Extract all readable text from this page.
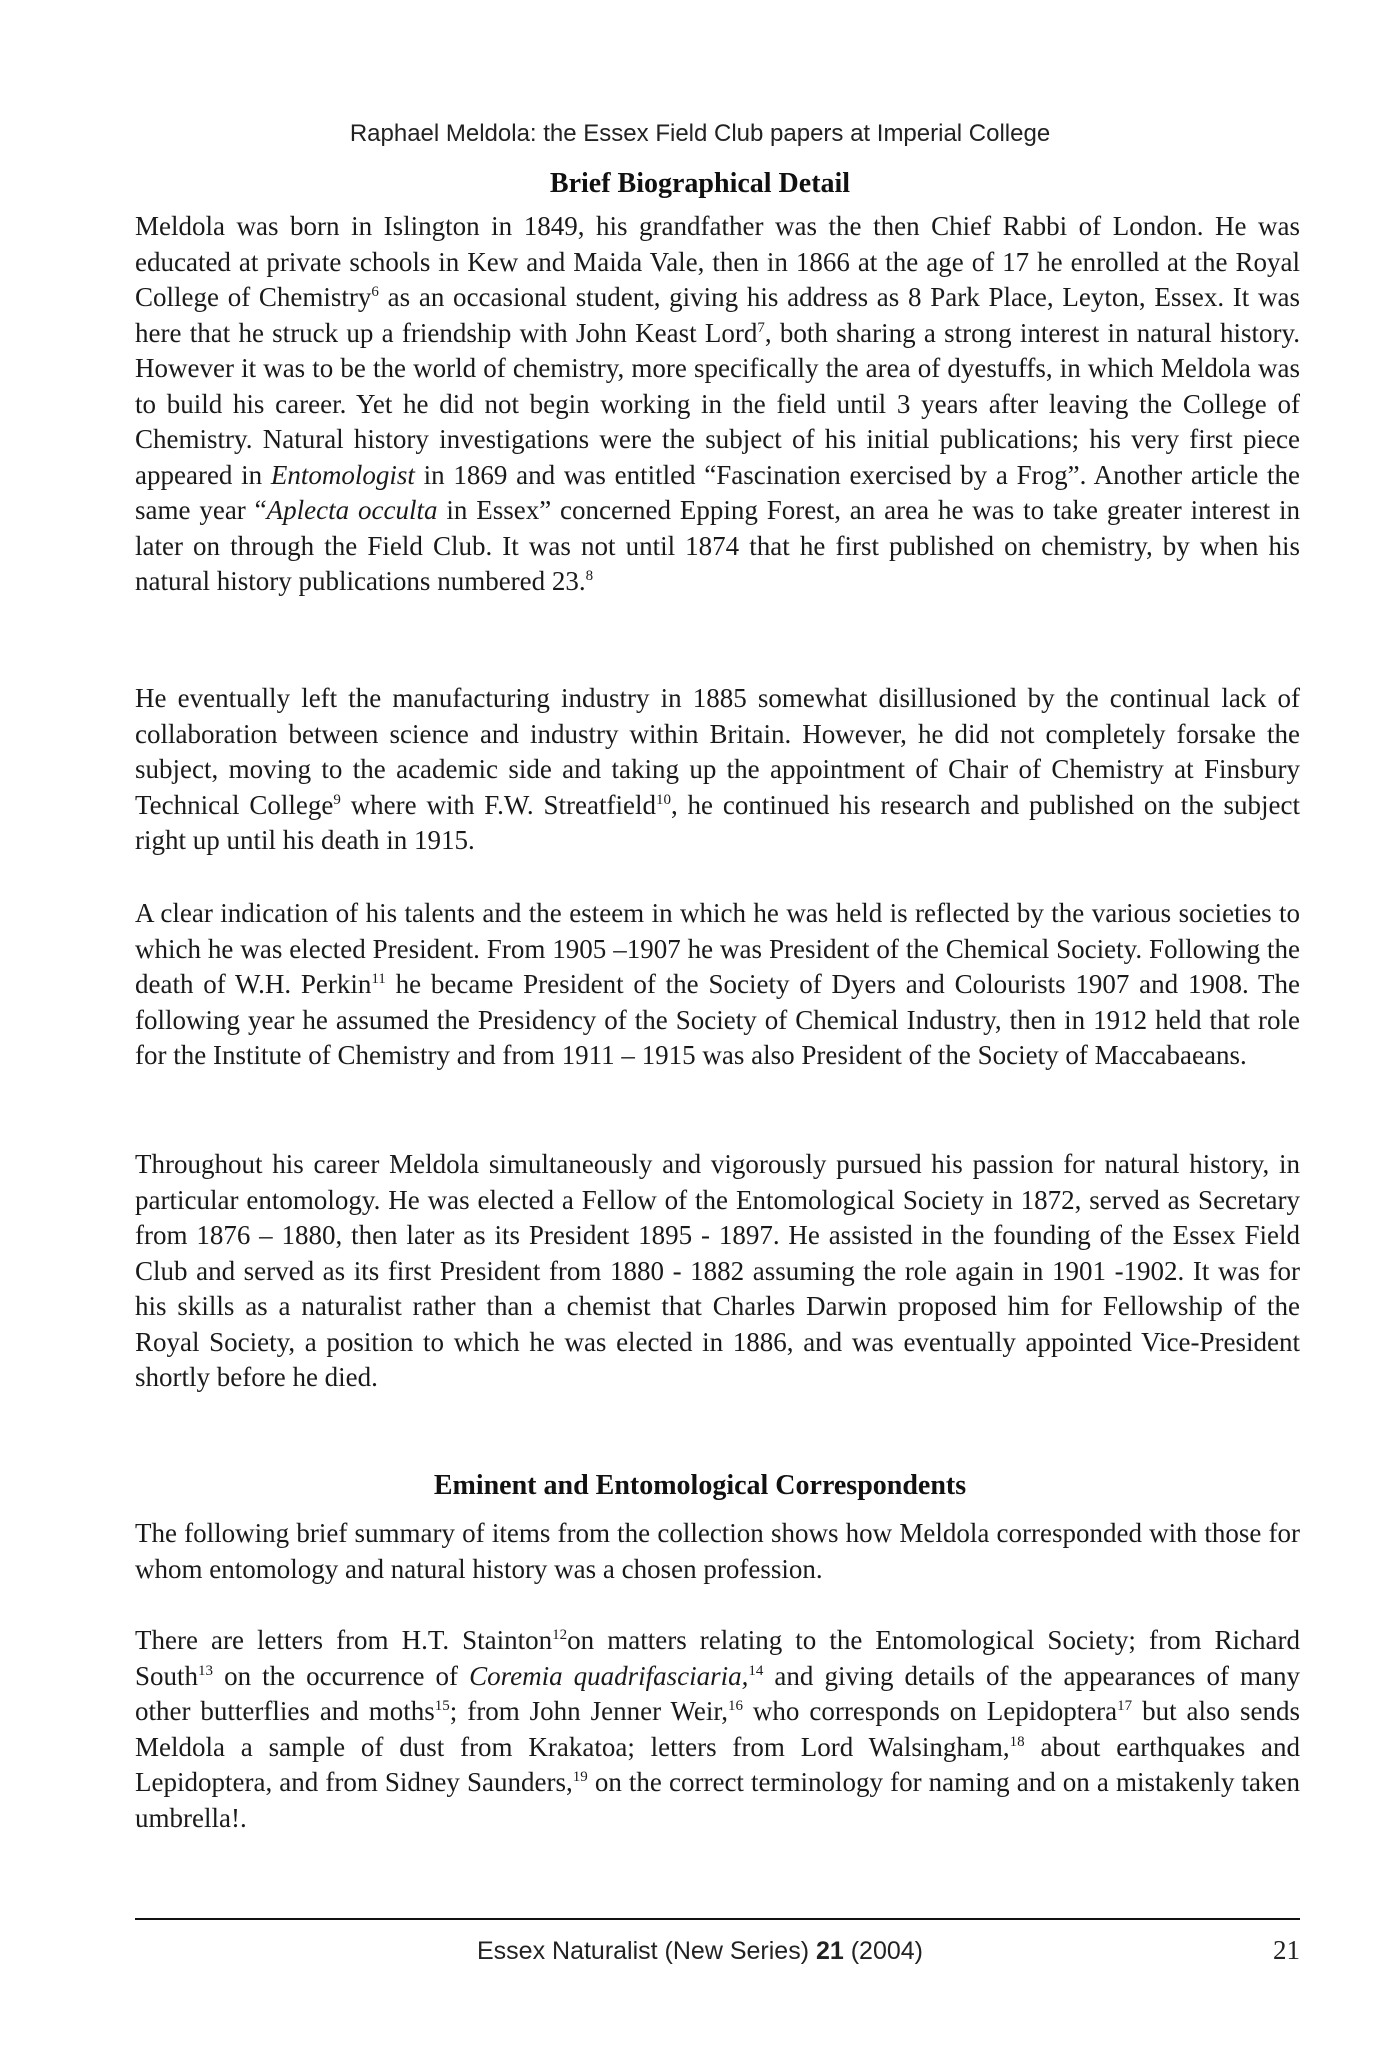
Raphael Meldola: the Essex Field Club papers at Imperial College
Brief Biographical Detail

Meldola was born in Islington in 1849, his grandfather was the then Chief Rabbi of London. He was educated at private schools in Kew and Maida Vale, then in 1866 at the age of 17 he enrolled at the Royal College of Chemistry$^6$ as an occasional student, giving his address as 8 Park Place, Leyton, Essex. It was here that he struck up a friendship with John Keast Lord$^7$, both sharing a strong interest in natural history. However it was to be the world of chemistry, more specifically the area of dyestuffs, in which Meldola was to build his career. Yet he did not begin working in the field until 3 years after leaving the College of Chemistry. Natural history investigations were the subject of his initial publications; his very first piece appeared in Entomologist in 1869 and was entitled “Fascination exercised by a Frog”. Another article the same year “Aplecta occulta in Essex” concerned Epping Forest, an area he was to take greater interest in later on through the Field Club. It was not until 1874 that he first published on chemistry, by when his natural history publications numbered 23.$^8$

He eventually left the manufacturing industry in 1885 somewhat disillusioned by the continual lack of collaboration between science and industry within Britain. However, he did not completely forsake the subject, moving to the academic side and taking up the appointment of Chair of Chemistry at Finsbury Technical College$^9$ where with F.W. Streatfield$^{10}$, he continued his research and published on the subject right up until his death in 1915.

A clear indication of his talents and the esteem in which he was held is reflected by the various societies to which he was elected President. From 1905 –1907 he was President of the Chemical Society. Following the death of W.H. Perkin$^{11}$ he became President of the Society of Dyers and Colourists 1907 and 1908. The following year he assumed the Presidency of the Society of Chemical Industry, then in 1912 held that role for the Institute of Chemistry and from 1911 – 1915 was also President of the Society of Maccabaeans.

Throughout his career Meldola simultaneously and vigorously pursued his passion for natural history, in particular entomology. He was elected a Fellow of the Entomological Society in 1872, served as Secretary from 1876 – 1880, then later as its President 1895 - 1897. He assisted in the founding of the Essex Field Club and served as its first President from 1880 - 1882 assuming the role again in 1901 -1902. It was for his skills as a naturalist rather than a chemist that Charles Darwin proposed him for Fellowship of the Royal Society, a position to which he was elected in 1886, and was eventually appointed Vice-President shortly before he died.

Eminent and Entomological Correspondents

The following brief summary of items from the collection shows how Meldola corresponded with those for whom entomology and natural history was a chosen profession.

There are letters from H.T. Stainton$^{12}$on matters relating to the Entomological Society; from Richard South$^{13}$ on the occurrence of Coremia quadrifasciaria,$^{14}$ and giving details of the appearances of many other butterflies and moths$^{15}$; from John Jenner Weir,$^{16}$ who corresponds on Lepidoptera$^{17}$ but also sends Meldola a sample of dust from Krakatoa; letters from Lord Walsingham,$^{18}$ about earthquakes and Lepidoptera, and from Sidney Saunders,$^{19}$ on the correct terminology for naming and on a mistakenly taken umbrella!.

Essex Naturalist (New Series) 21 (2004)	21
